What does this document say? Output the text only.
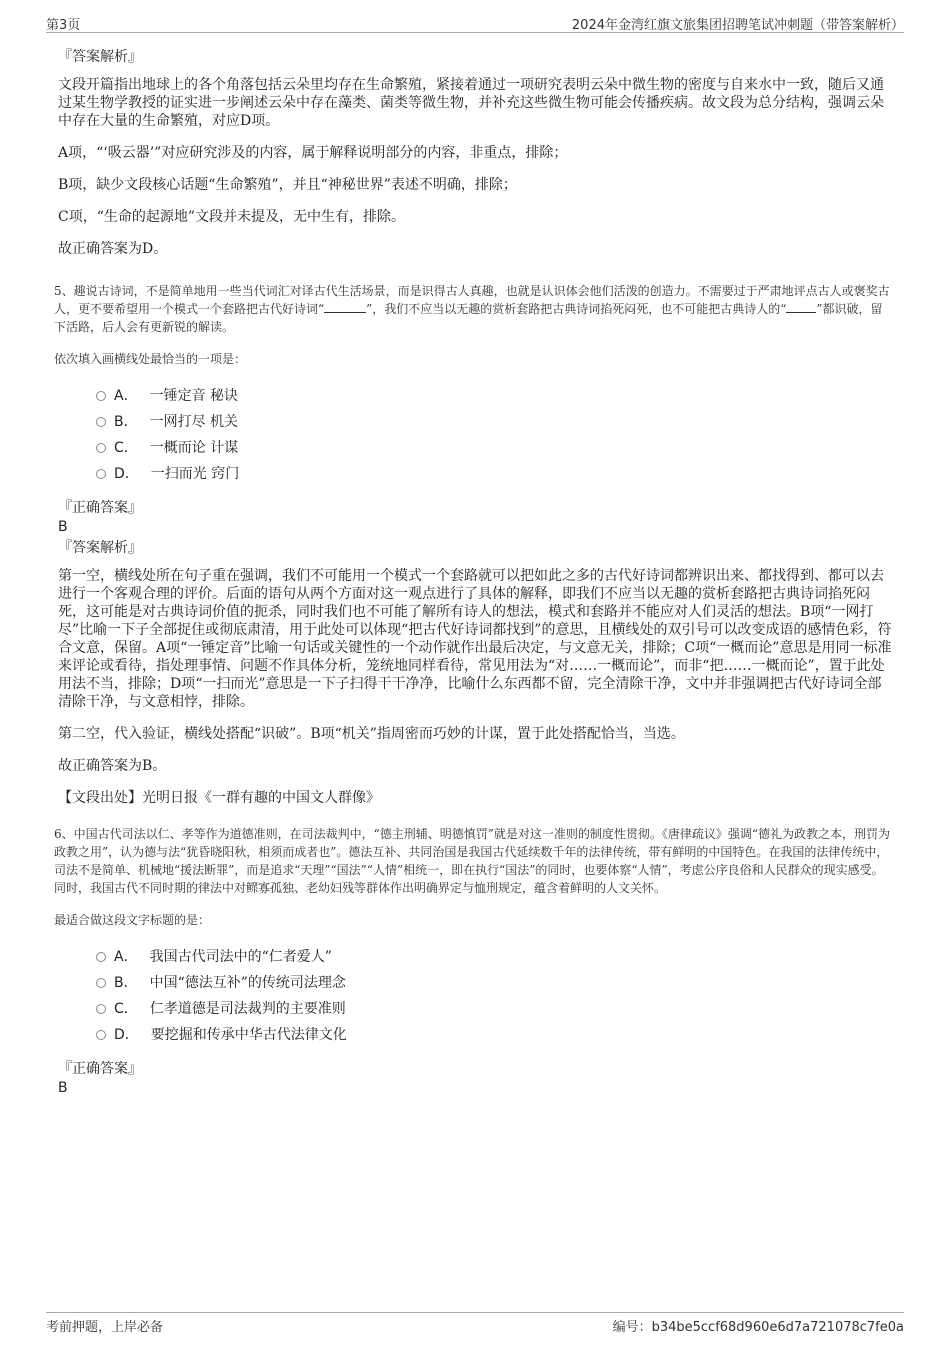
第3页	2024年金湾红旗文旅集团招聘笔试冲刺题（带答案解析）
『答案解析』

文段开篇指出地球上的各个角落包括云朵里均存在生命繁殖，紧接着通过一项研究表明云朵中微生物的密度与自来水中一致，随后又通过某生物学教授的证实进一步阐述云朵中存在藻类、菌类等微生物，并补充这些微生物可能会传播疾病。故文段为总分结构，强调云朵中存在大量的生命繁殖，对应D项。

A项，“‘吸云器’”对应研究涉及的内容，属于解释说明部分的内容，非重点，排除；

B项，缺少文段核心话题“生命繁殖”，并且“神秘世界”表述不明确，排除；

C项，“生命的起源地”文段并未提及，无中生有，排除。

故正确答案为D。

5、趣说古诗词，不是简单地用一些当代词汇对译古代生活场景，而是识得古人真趣，也就是认识体会他们活泼的创造力。不需要过于严肃地评点古人或褒奖古人，更不要希望用一个模式一个套路把古代好诗词“	”，我们不应当以无趣的赏析套路把古典诗词掐死闷死，也不可能把古典诗人的“	”都识破，留下活路，后人会有更新锐的解读。
依次填入画横线处最恰当的一项是：
A． 一锤定音 秘诀
B． 一网打尽 机关
C． 一概而论 计谋
D． 一扫而光 窍门
『正确答案』
B
『答案解析』

第一空，横线处所在句子重在强调，我们不可能用一个模式一个套路就可以把如此之多的古代好诗词都辨识出来、都找得到、都可以去进行一个客观合理的评价。后面的语句从两个方面对这一观点进行了具体的解释，即我们不应当以无趣的赏析套路把古典诗词掐死闷死，这可能是对古典诗词价值的扼杀，同时我们也不可能了解所有诗人的想法，模式和套路并不能应对人们灵活的想法。B项“一网打尽”比喻一下子全部捉住或彻底肃清，用于此处可以体现“把古代好诗词都找到”的意思，且横线处的双引号可以改变成语的感情色彩，符合文意，保留。A项“一锤定音”比喻一句话或关键性的一个动作就作出最后决定，与文意无关，排除；C项“一概而论”意思是用同一标准来评论或看待，指处理事情、问题不作具体分析，笼统地同样看待，常见用法为“对……一概而论”，而非“把……一概而论”，置于此处用法不当，排除；D项“一扫而光”意思是一下子扫得干干净净，比喻什么东西都不留，完全清除干净，文中并非强调把古代好诗词全部清除干净，与文意相悖，排除。

第二空，代入验证，横线处搭配“识破”。B项“机关”指周密而巧妙的计谋，置于此处搭配恰当，当选。

故正确答案为B。

【文段出处】光明日报《一群有趣的中国文人群像》

6、中国古代司法以仁、孝等作为道德准则，在司法裁判中，“德主刑辅、明德慎罚”就是对这一准则的制度性贯彻。《唐律疏议》强调“德礼为政教之本，刑罚为政教之用”，认为德与法“犹昏晓阳秋，相须而成者也”。德法互补、共同治国是我国古代延续数千年的法律传统，带有鲜明的中国特色。在我国的法律传统中，司法不是简单、机械地“援法断罪”，而是追求“天理”“国法”“人情”相统一，即在执行“国法”的同时，也要体察“人情”，考虑公序良俗和人民群众的现实感受。同时，我国古代不同时期的律法中对鳏寡孤独、老幼妇残等群体作出明确界定与恤刑规定，蕴含着鲜明的人文关怀。
最适合做这段文字标题的是：
A． 我国古代司法中的“仁者爱人”
B． 中国“德法互补”的传统司法理念
C． 仁孝道德是司法裁判的主要准则
D． 要挖掘和传承中华古代法律文化
『正确答案』
B
考前押题，上岸必备	编号：b34be5ccf68d960e6d7a721078c7fe0a
